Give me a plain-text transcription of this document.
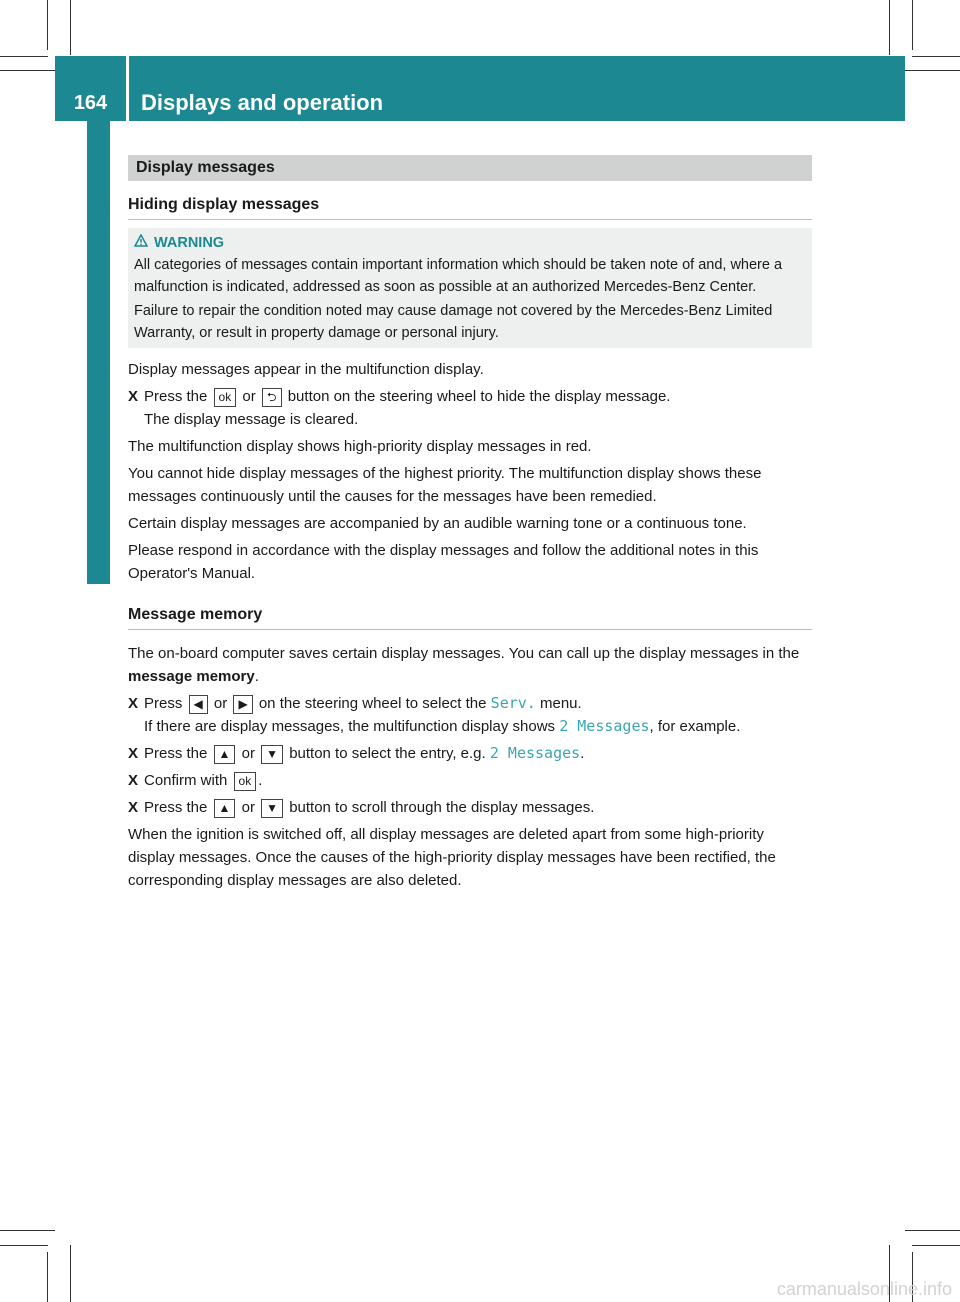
164	Displays and operation
On-board computer and displays
Display messages
Hiding display messages
WARNING

All categories of messages contain important information which should be taken note of and, where a malfunction is indicated, addressed as soon as possible at an authorized Mercedes-Benz Center.

Failure to repair the condition noted may cause damage not covered by the Mercedes-Benz Limited Warranty, or result in property damage or personal injury.

Display messages appear in the multifunction display.

X Press the ok or ⮌ button on the steering wheel to hide the display message.
The display message is cleared.

The multifunction display shows high-priority display messages in red.

You cannot hide display messages of the highest priority. The multifunction display shows these messages continuously until the causes for the messages have been remedied.

Certain display messages are accompanied by an audible warning tone or a continuous tone.

Please respond in accordance with the display messages and follow the additional notes in this Operator's Manual.

Message memory

The on-board computer saves certain display messages. You can call up the display messages in the message memory.

X Press ◀ or ▶ on the steering wheel to select the Serv. menu.
If there are display messages, the multifunction display shows 2 Messages, for example.
X Press the ▲ or ▼ button to select the entry, e.g. 2 Messages.
X Confirm with ok .
X Press the ▲ or ▼ button to scroll through the display messages.

When the ignition is switched off, all display messages are deleted apart from some high-priority display messages. Once the causes of the high-priority display messages have been rectified, the corresponding display messages are also deleted.

carmanualsonline.info
